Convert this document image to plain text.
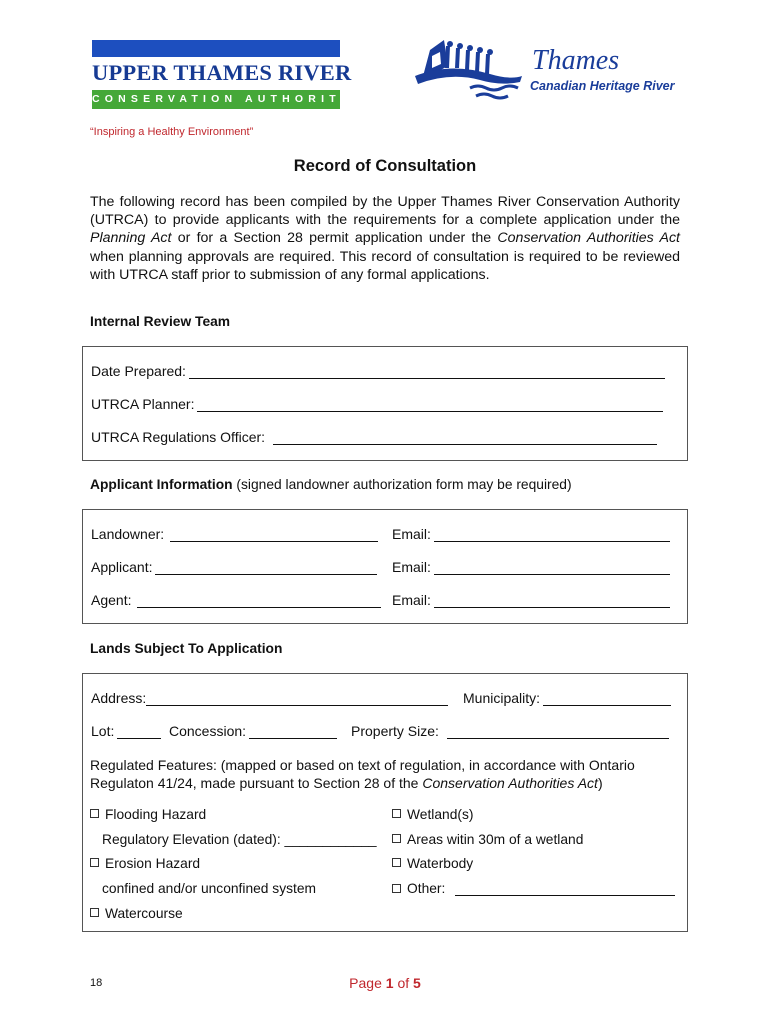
UPPER THAMES RIVER
CONSERVATION AUTHORITY
Thames
Canadian Heritage River
“Inspiring a Healthy Environment”
Record of Consultation
The following record has been compiled by the Upper Thames River Conservation Authority (UTRCA) to provide applicants with the requirements for a complete application under the Planning Act or for a Section 28 permit application under the Conservation Authorities Act when planning approvals are required. This record of consultation is required to be reviewed with UTRCA staff prior to submission of any formal applications.
Internal Review Team
Date Prepared:
UTRCA Planner:
UTRCA Regulations Officer:
Applicant Information (signed landowner authorization form may be required)
Landowner:	Email:
Applicant:	Email:
Agent:	Email:
Lands Subject To Application
Address:	Municipality:
Lot:	Concession:	Property Size:
Regulated Features: (mapped or based on text of regulation, in accordance with Ontario Regulaton 41/24, made pursuant to Section 28 of the Conservation Authorities Act)
Flooding Hazard
Regulatory Elevation (dated): ____________
Erosion Hazard
confined and/or unconfined system
Watercourse
Wetland(s)
Areas witin 30m of a wetland
Waterbody
Other:
18	Page 1 of 5
